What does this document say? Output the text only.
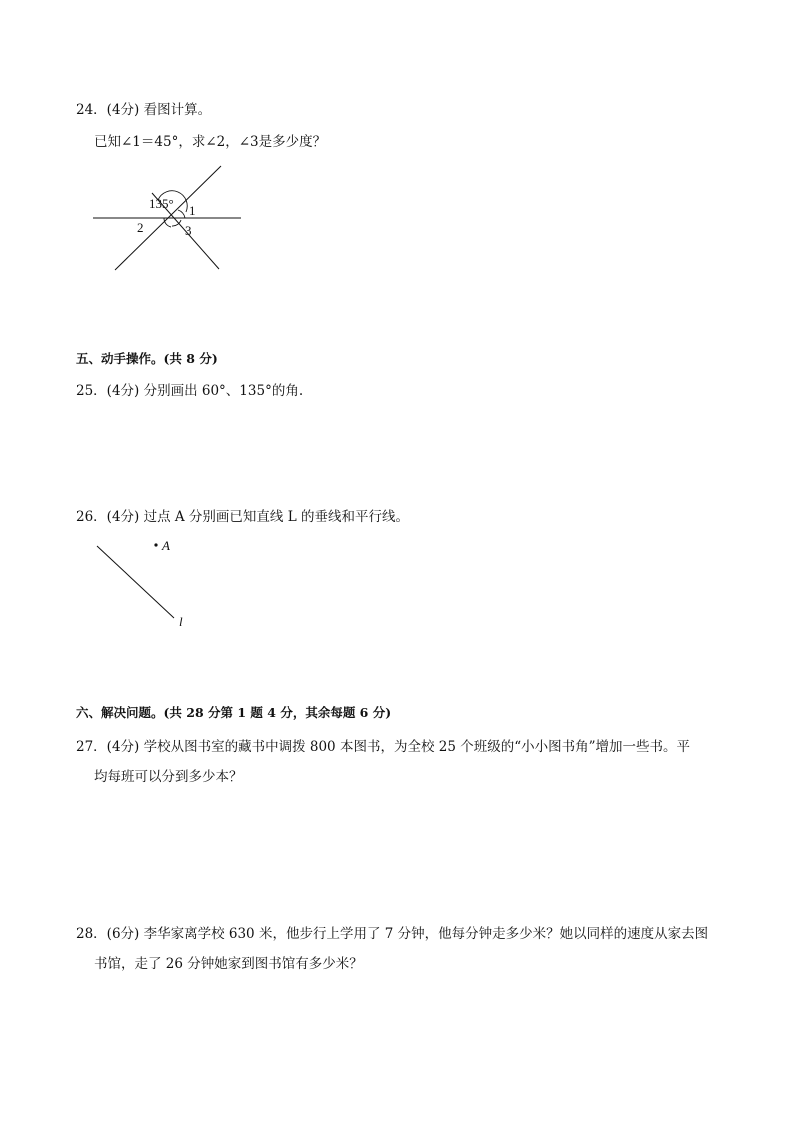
24．(4分) 看图计算。
已知∠1＝45°，求∠2，∠3是多少度？
135° 1
2	3
五、动手操作。(共 8 分)
25．(4分) 分别画出 60°、135°的角.
26．(4分) 过点 A 分别画已知直线 L 的垂线和平行线。
A
l
六、解决问题。(共 28 分第 1 题 4 分，其余每题 6 分)
27．(4分) 学校从图书室的藏书中调拨 800 本图书，为全校 25 个班级的“小小图书角”增加一些书。平
均每班可以分到多少本？
28．(6分) 李华家离学校 630 米，他步行上学用了 7 分钟，他每分钟走多少米？她以同样的速度从家去图
书馆，走了 26 分钟她家到图书馆有多少米？
